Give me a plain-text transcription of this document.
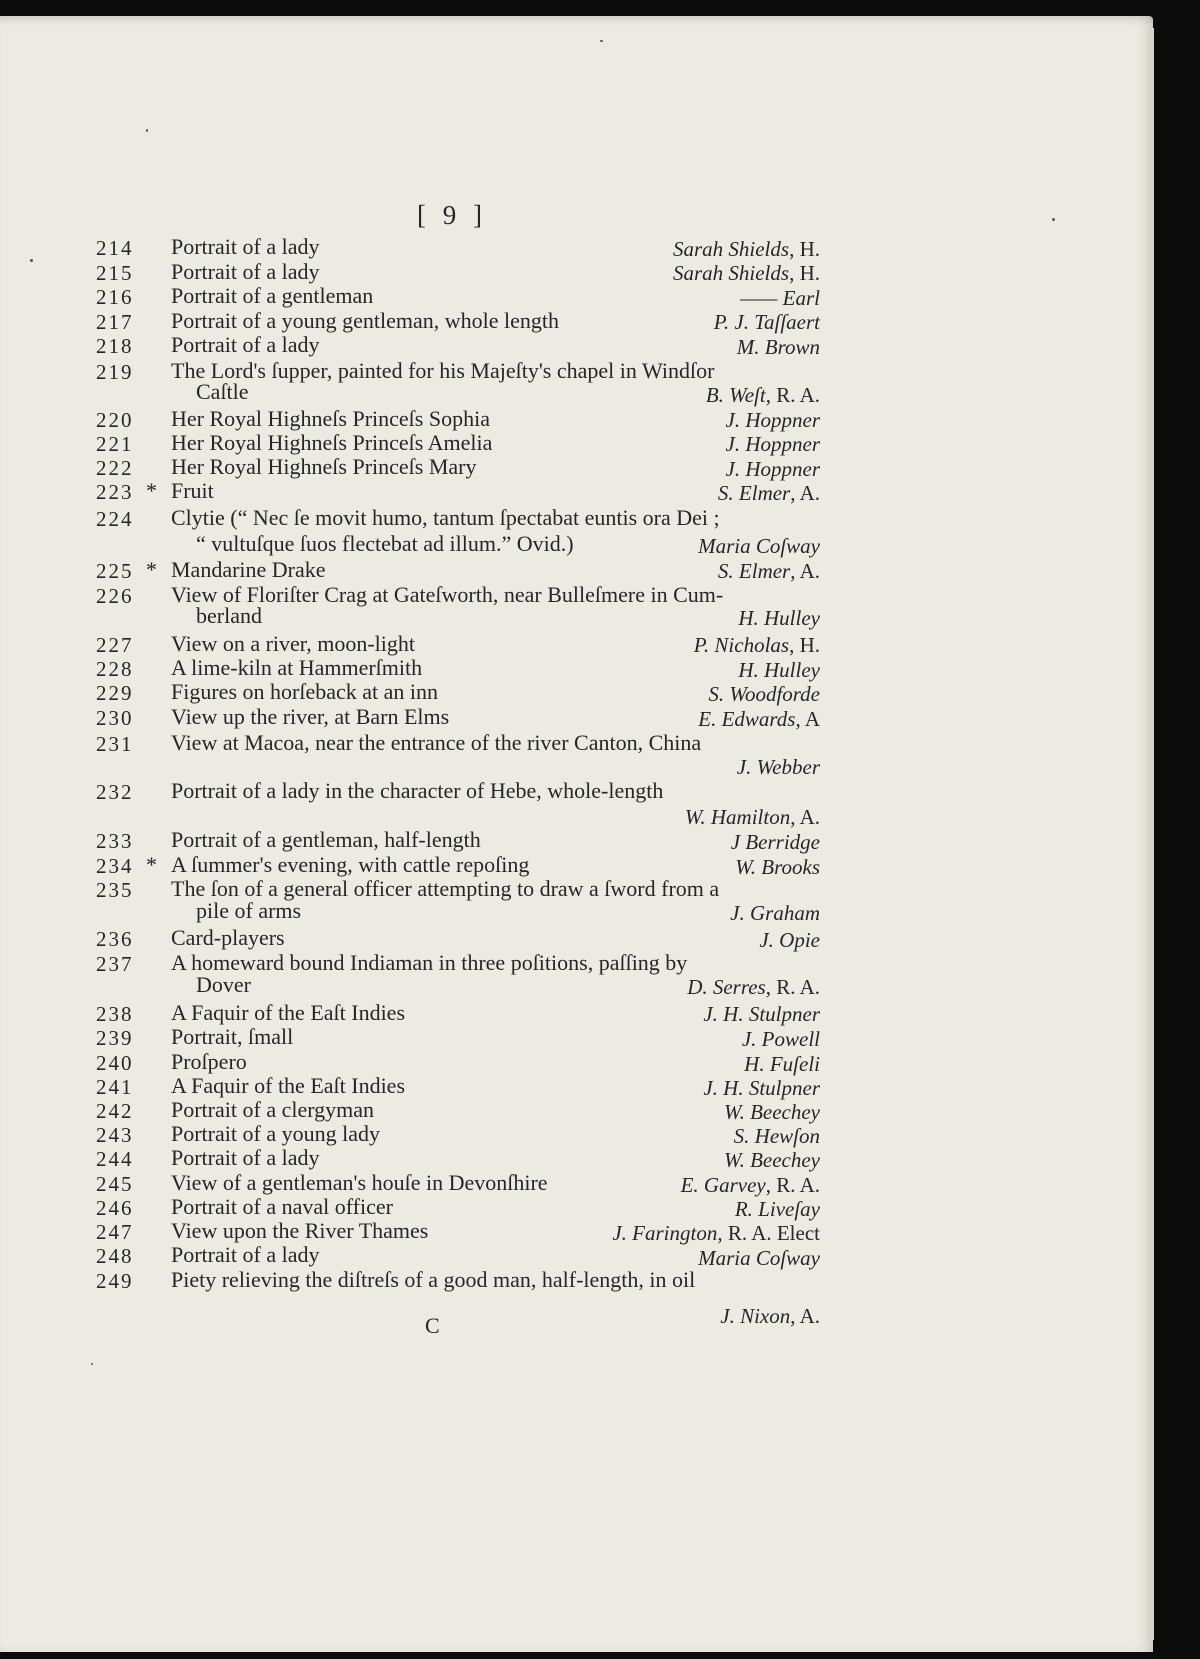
[ 9 ]
214 Portrait of a lady	Sarah Shields, H.
215 Portrait of a lady	Sarah Shields, H.
216 Portrait of a gentleman	—— Earl
217 Portrait of a young gentleman, whole length	P. J. Taſſaert
218 Portrait of a lady	M. Brown
219 The Lord's ſupper, painted for his Majeſty's chapel in Windſor
Caſtle	B. Weſt, R. A.
220 Her Royal Highneſs Princeſs Sophia	J. Hoppner
221 Her Royal Highneſs Princeſs Amelia	J. Hoppner
222 Her Royal Highneſs Princeſs Mary	J. Hoppner
223 * Fruit	S. Elmer, A.
224 Clytie (“ Nec ſe movit humo, tantum ſpectabat euntis ora Dei ;
“ vultuſque ſuos flectebat ad illum.” Ovid.)	Maria Coſway
225 * Mandarine Drake	S. Elmer, A.
226 View of Floriſter Crag at Gateſworth, near Bulleſmere in Cum-
berland	H. Hulley
227 View on a river, moon-light	P. Nicholas, H.
228 A lime-kiln at Hammerſmith	H. Hulley
229 Figures on horſeback at an inn	S. Woodforde
230 View up the river, at Barn Elms	E. Edwards, A
231 View at Macoa, near the entrance of the river Canton, China
J. Webber
232 Portrait of a lady in the character of Hebe, whole-length
W. Hamilton, A.
233 Portrait of a gentleman, half-length	J Berridge
234 * A ſummer's evening, with cattle repoſing	W. Brooks
235 The ſon of a general officer attempting to draw a ſword from a
pile of arms	J. Graham
236 Card-players	J. Opie
237 A homeward bound Indiaman in three poſitions, paſſing by
Dover	D. Serres, R. A.
238 A Faquir of the Eaſt Indies	J. H. Stulpner
239 Portrait, ſmall	J. Powell
240 Proſpero	H. Fuſeli
241 A Faquir of the Eaſt Indies	J. H. Stulpner
242 Portrait of a clergyman	W. Beechey
243 Portrait of a young lady	S. Hewſon
244 Portrait of a lady	W. Beechey
245 View of a gentleman's houſe in Devonſhire	E. Garvey, R. A.
246 Portrait of a naval officer	R. Liveſay
247 View upon the River Thames	J. Farington, R. A. Elect
248 Portrait of a lady	Maria Coſway
249 Piety relieving the diſtreſs of a good man, half-length, in oil
J. Nixon, A.
C
